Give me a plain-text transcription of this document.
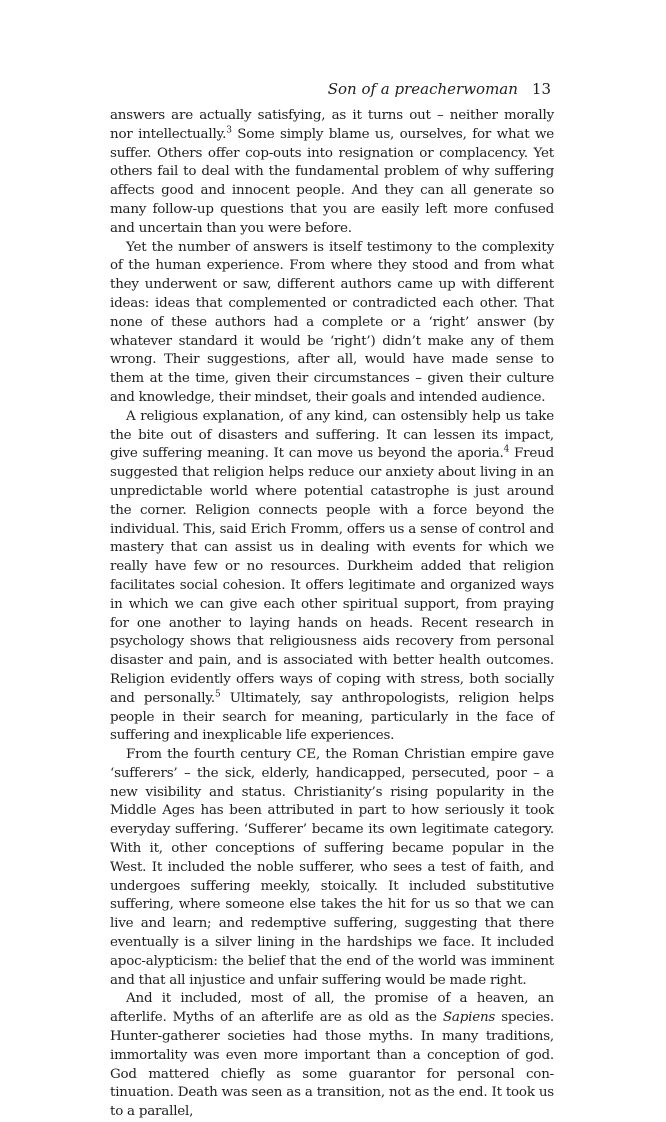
Son of a preacherwoman 13

answers are actually satisfying, as it turns out – neither morally nor intellectually.$^3$ Some simply blame us, ourselves, for what we suffer. Others offer cop-outs into resignation or complacency. Yet others fail to deal with the fundamental problem of why suffering affects good and innocent people. And they can all generate so many follow-up questions that you are easily left more confused and uncertain than you were before.

Yet the number of answers is itself testimony to the complexity of the human experience. From where they stood and from what they underwent or saw, different authors came up with different ideas: ideas that complemented or contradicted each other. That none of these authors had a complete or a ‘right’ answer (by whatever standard it would be ‘right’) didn’t make any of them wrong. Their suggestions, after all, would have made sense to them at the time, given their circumstances – given their culture and knowledge, their mindset, their goals and intended audience.

A religious explanation, of any kind, can ostensibly help us take the bite out of disasters and suffering. It can lessen its impact, give suffering meaning. It can move us beyond the aporia.$^4$ Freud suggested that religion helps reduce our anxiety about living in an unpredictable world where potential catastrophe is just around the corner. Religion connects people with a force beyond the individual. This, said Erich Fromm, offers us a sense of control and mastery that can assist us in dealing with events for which we really have few or no resources. Durkheim added that religion facilitates social cohesion. It offers legitimate and organized ways in which we can give each other spiritual support, from praying for one another to laying hands on heads. Recent research in psychology shows that religiousness aids recovery from personal disaster and pain, and is associated with better health outcomes. Religion evidently offers ways of coping with stress, both socially and personally.$^5$ Ultimately, say anthropologists, religion helps people in their search for meaning, particularly in the face of suffering and inexplicable life experiences.

From the fourth century CE, the Roman Christian empire gave ‘sufferers’ – the sick, elderly, handicapped, persecuted, poor – a new visibility and status. Christianity’s rising popularity in the Middle Ages has been attributed in part to how seriously it took everyday suffering. ‘Sufferer’ became its own legitimate category. With it, other conceptions of suffering became popular in the West. It included the noble sufferer, who sees a test of faith, and undergoes suffering meekly, stoically. It included substitutive suffering, where someone else takes the hit for us so that we can live and learn; and redemptive suffering, suggesting that there eventually is a silver lining in the hardships we face. It included apoc-alypticism: the belief that the end of the world was imminent and that all injustice and unfair suffering would be made right.

And it included, most of all, the promise of a heaven, an afterlife. Myths of an afterlife are as old as the Sapiens species. Hunter-gatherer societies had those myths. In many traditions, immortality was even more important than a conception of god. God mattered chiefly as some guarantor for personal con-tinuation. Death was seen as a transition, not as the end. It took us to a parallel,
